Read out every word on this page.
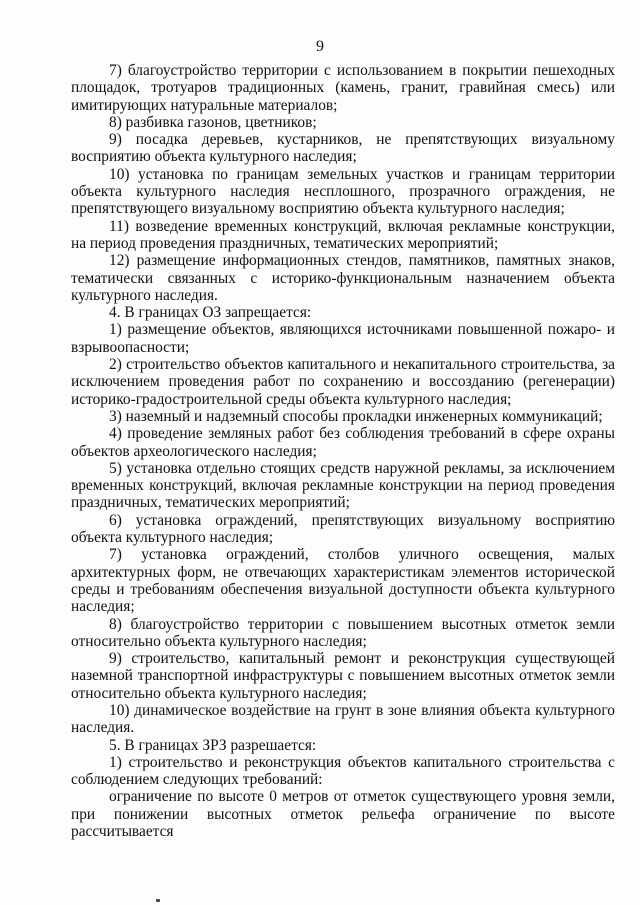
9

7) благоустройство территории с использованием в покрытии пешеходных площадок, тротуаров традиционных (камень, гранит, гравийная смесь) или имитирующих натуральные материалов;

8) разбивка газонов, цветников;

9) посадка деревьев, кустарников, не препятствующих визуальному восприятию объекта культурного наследия;

10) установка по границам земельных участков и границам территории объекта культурного наследия несплошного, прозрачного ограждения, не препятствующего визуальному восприятию объекта культурного наследия;

11) возведение временных конструкций, включая рекламные конструкции, на период проведения праздничных, тематических мероприятий;

12) размещение информационных стендов, памятников, памятных знаков, тематически связанных с историко-функциональным назначением объекта культурного наследия.

4. В границах ОЗ запрещается:

1) размещение объектов, являющихся источниками повышенной пожаро- и взрывоопасности;

2) строительство объектов капитального и некапитального строительства, за исключением проведения работ по сохранению и воссозданию (регенерации) историко-градостроительной среды объекта культурного наследия;

3) наземный и надземный способы прокладки инженерных коммуникаций;

4) проведение земляных работ без соблюдения требований в сфере охраны объектов археологического наследия;

5) установка отдельно стоящих средств наружной рекламы, за исключением временных конструкций, включая рекламные конструкции на период проведения праздничных, тематических мероприятий;

6) установка ограждений, препятствующих визуальному восприятию объекта культурного наследия;

7) установка ограждений, столбов уличного освещения, малых архитектурных форм, не отвечающих характеристикам элементов исторической среды и требованиям обеспечения визуальной доступности объекта культурного наследия;

8) благоустройство территории с повышением высотных отметок земли относительно объекта культурного наследия;

9) строительство, капитальный ремонт и реконструкция существующей наземной транспортной инфраструктуры с повышением высотных отметок земли относительно объекта культурного наследия;

10) динамическое воздействие на грунт в зоне влияния объекта культурного наследия.

5. В границах ЗРЗ разрешается:

1) строительство и реконструкция объектов капитального строительства с соблюдением следующих требований:

ограничение по высоте 0 метров от отметок существующего уровня земли, при понижении высотных отметок рельефа ограничение по высоте рассчитывается
